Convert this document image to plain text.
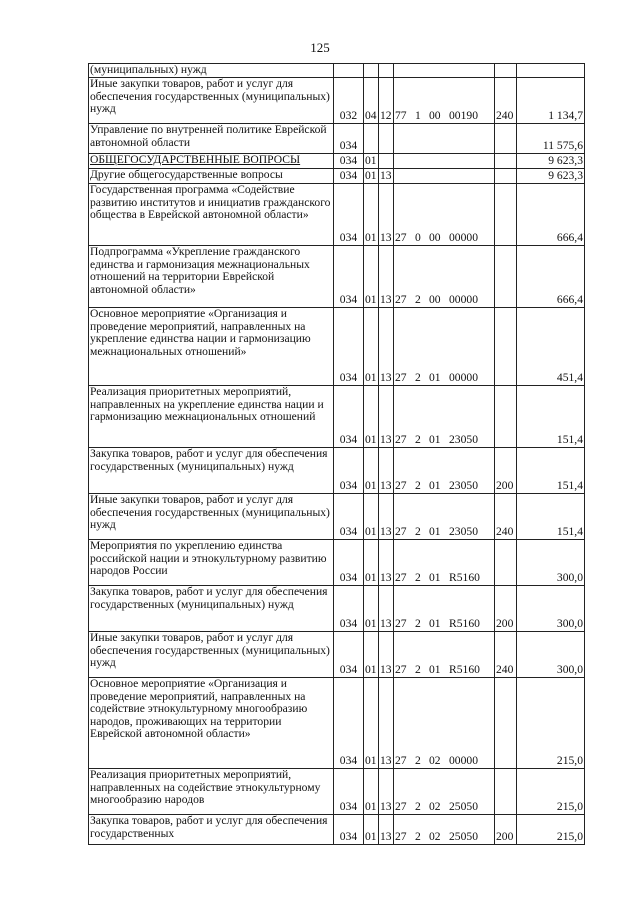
125
(муниципальных) нужд						
Иные закупки товаров, работ и услуг для обеспечения государственных (муниципальных) нужд	032	04	12	77 1 00 00190	240	1 134,7
Управление по внутренней политике Еврейской автономной области	034					11 575,6
ОБЩЕГОСУДАРСТВЕННЫЕ ВОПРОСЫ	034	01				9 623,3
Другие общегосударственные вопросы	034	01	13			9 623,3
Государственная программа «Содействие развитию институтов и инициатив гражданского общества в Еврейской автономной области»	034	01	13	27 0 00 00000		666,4
Подпрограмма «Укрепление гражданского единства и гармонизация межнациональных отношений на территории Еврейской автономной области»	034	01	13	27 2 00 00000		666,4
Основное мероприятие «Организация и проведение мероприятий, направленных на укрепление единства нации и гармонизацию межнациональных отношений»	034	01	13	27 2 01 00000		451,4
Реализация приоритетных мероприятий, направленных на укрепление единства нации и гармонизацию межнациональных отношений	034	01	13	27 2 01 23050		151,4
Закупка товаров, работ и услуг для обеспечения государственных (муниципальных) нужд	034	01	13	27 2 01 23050	200	151,4
Иные закупки товаров, работ и услуг для обеспечения государственных (муниципальных) нужд	034	01	13	27 2 01 23050	240	151,4
Мероприятия по укреплению единства российской нации и этнокультурному развитию народов России	034	01	13	27 2 01 R5160		300,0
Закупка товаров, работ и услуг для обеспечения государственных (муниципальных) нужд	034	01	13	27 2 01 R5160	200	300,0
Иные закупки товаров, работ и услуг для обеспечения государственных (муниципальных) нужд	034	01	13	27 2 01 R5160	240	300,0
Основное мероприятие «Организация и проведение мероприятий, направленных на содействие этнокультурному многообразию народов, проживающих на территории Еврейской автономной области»	034	01	13	27 2 02 00000		215,0
Реализация приоритетных мероприятий, направленных на содействие этнокультурному многообразию народов	034	01	13	27 2 02 25050		215,0
Закупка товаров, работ и услуг для обеспечения государственных	034	01	13	27 2 02 25050	200	215,0
